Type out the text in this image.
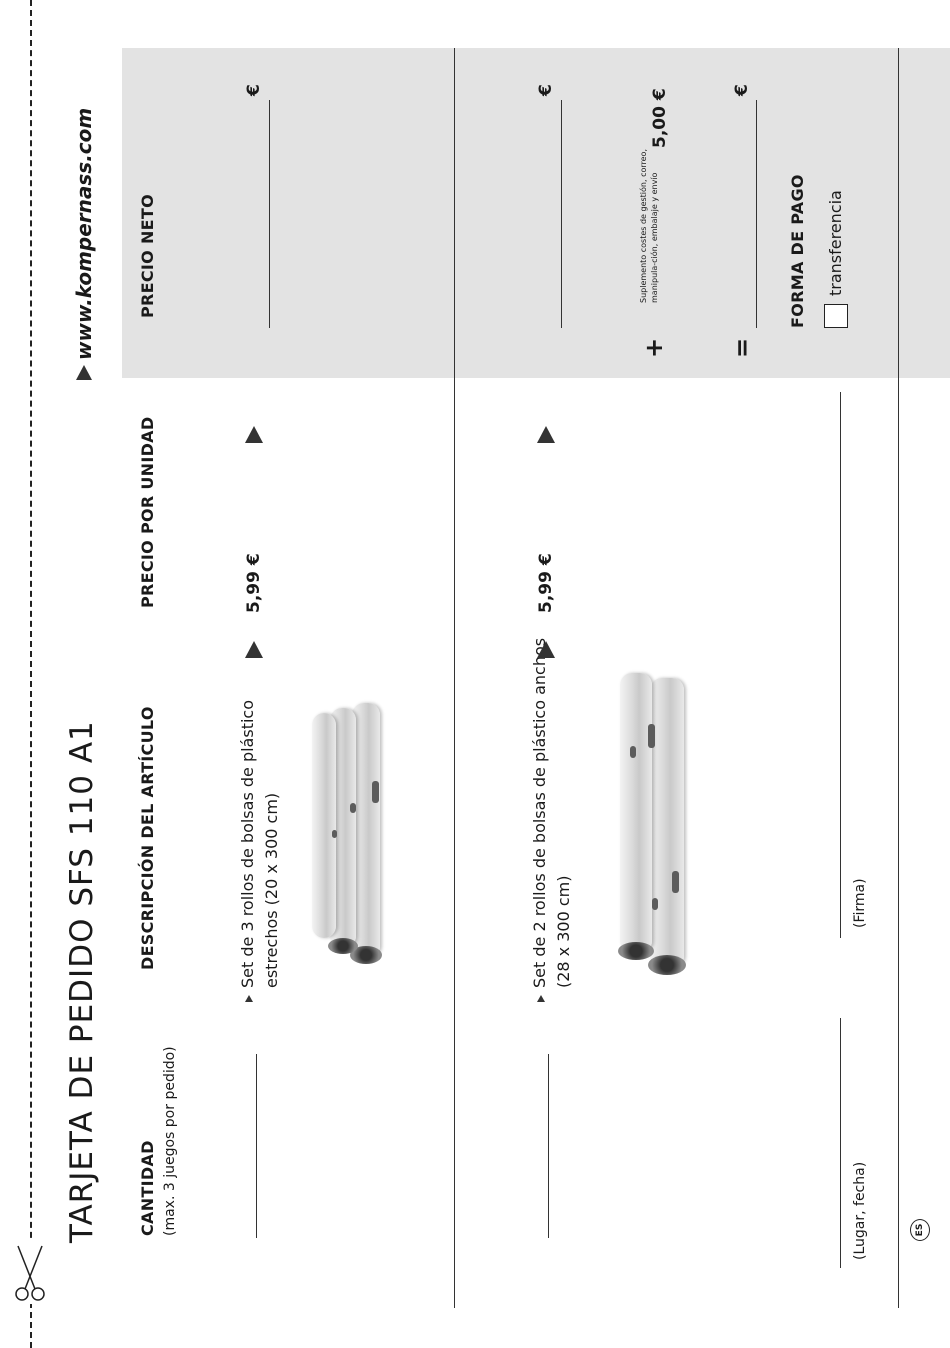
TARJETA DE PEDIDO SFS 110 A1
www.kompernass.com
CANTIDAD (max. 3 juegos por pedido)
DESCRIPCIÓN DEL ARTÍCULO
PRECIO POR UNIDAD
PRECIO NETO
Set de 3 rollos de bolsas de plástico estrechos (20 x 300 cm)
5,99 €
€
Set de 2 rollos de bolsas de plástico anchos (28 x 300 cm)
5,99 €
€
+
Suplemento costes de gestión, correo, manipula-ción, embalaje y envío
5,00 €
=
€
FORMA DE PAGO transferencia
(Lugar, fecha)
(Firma)
ES
